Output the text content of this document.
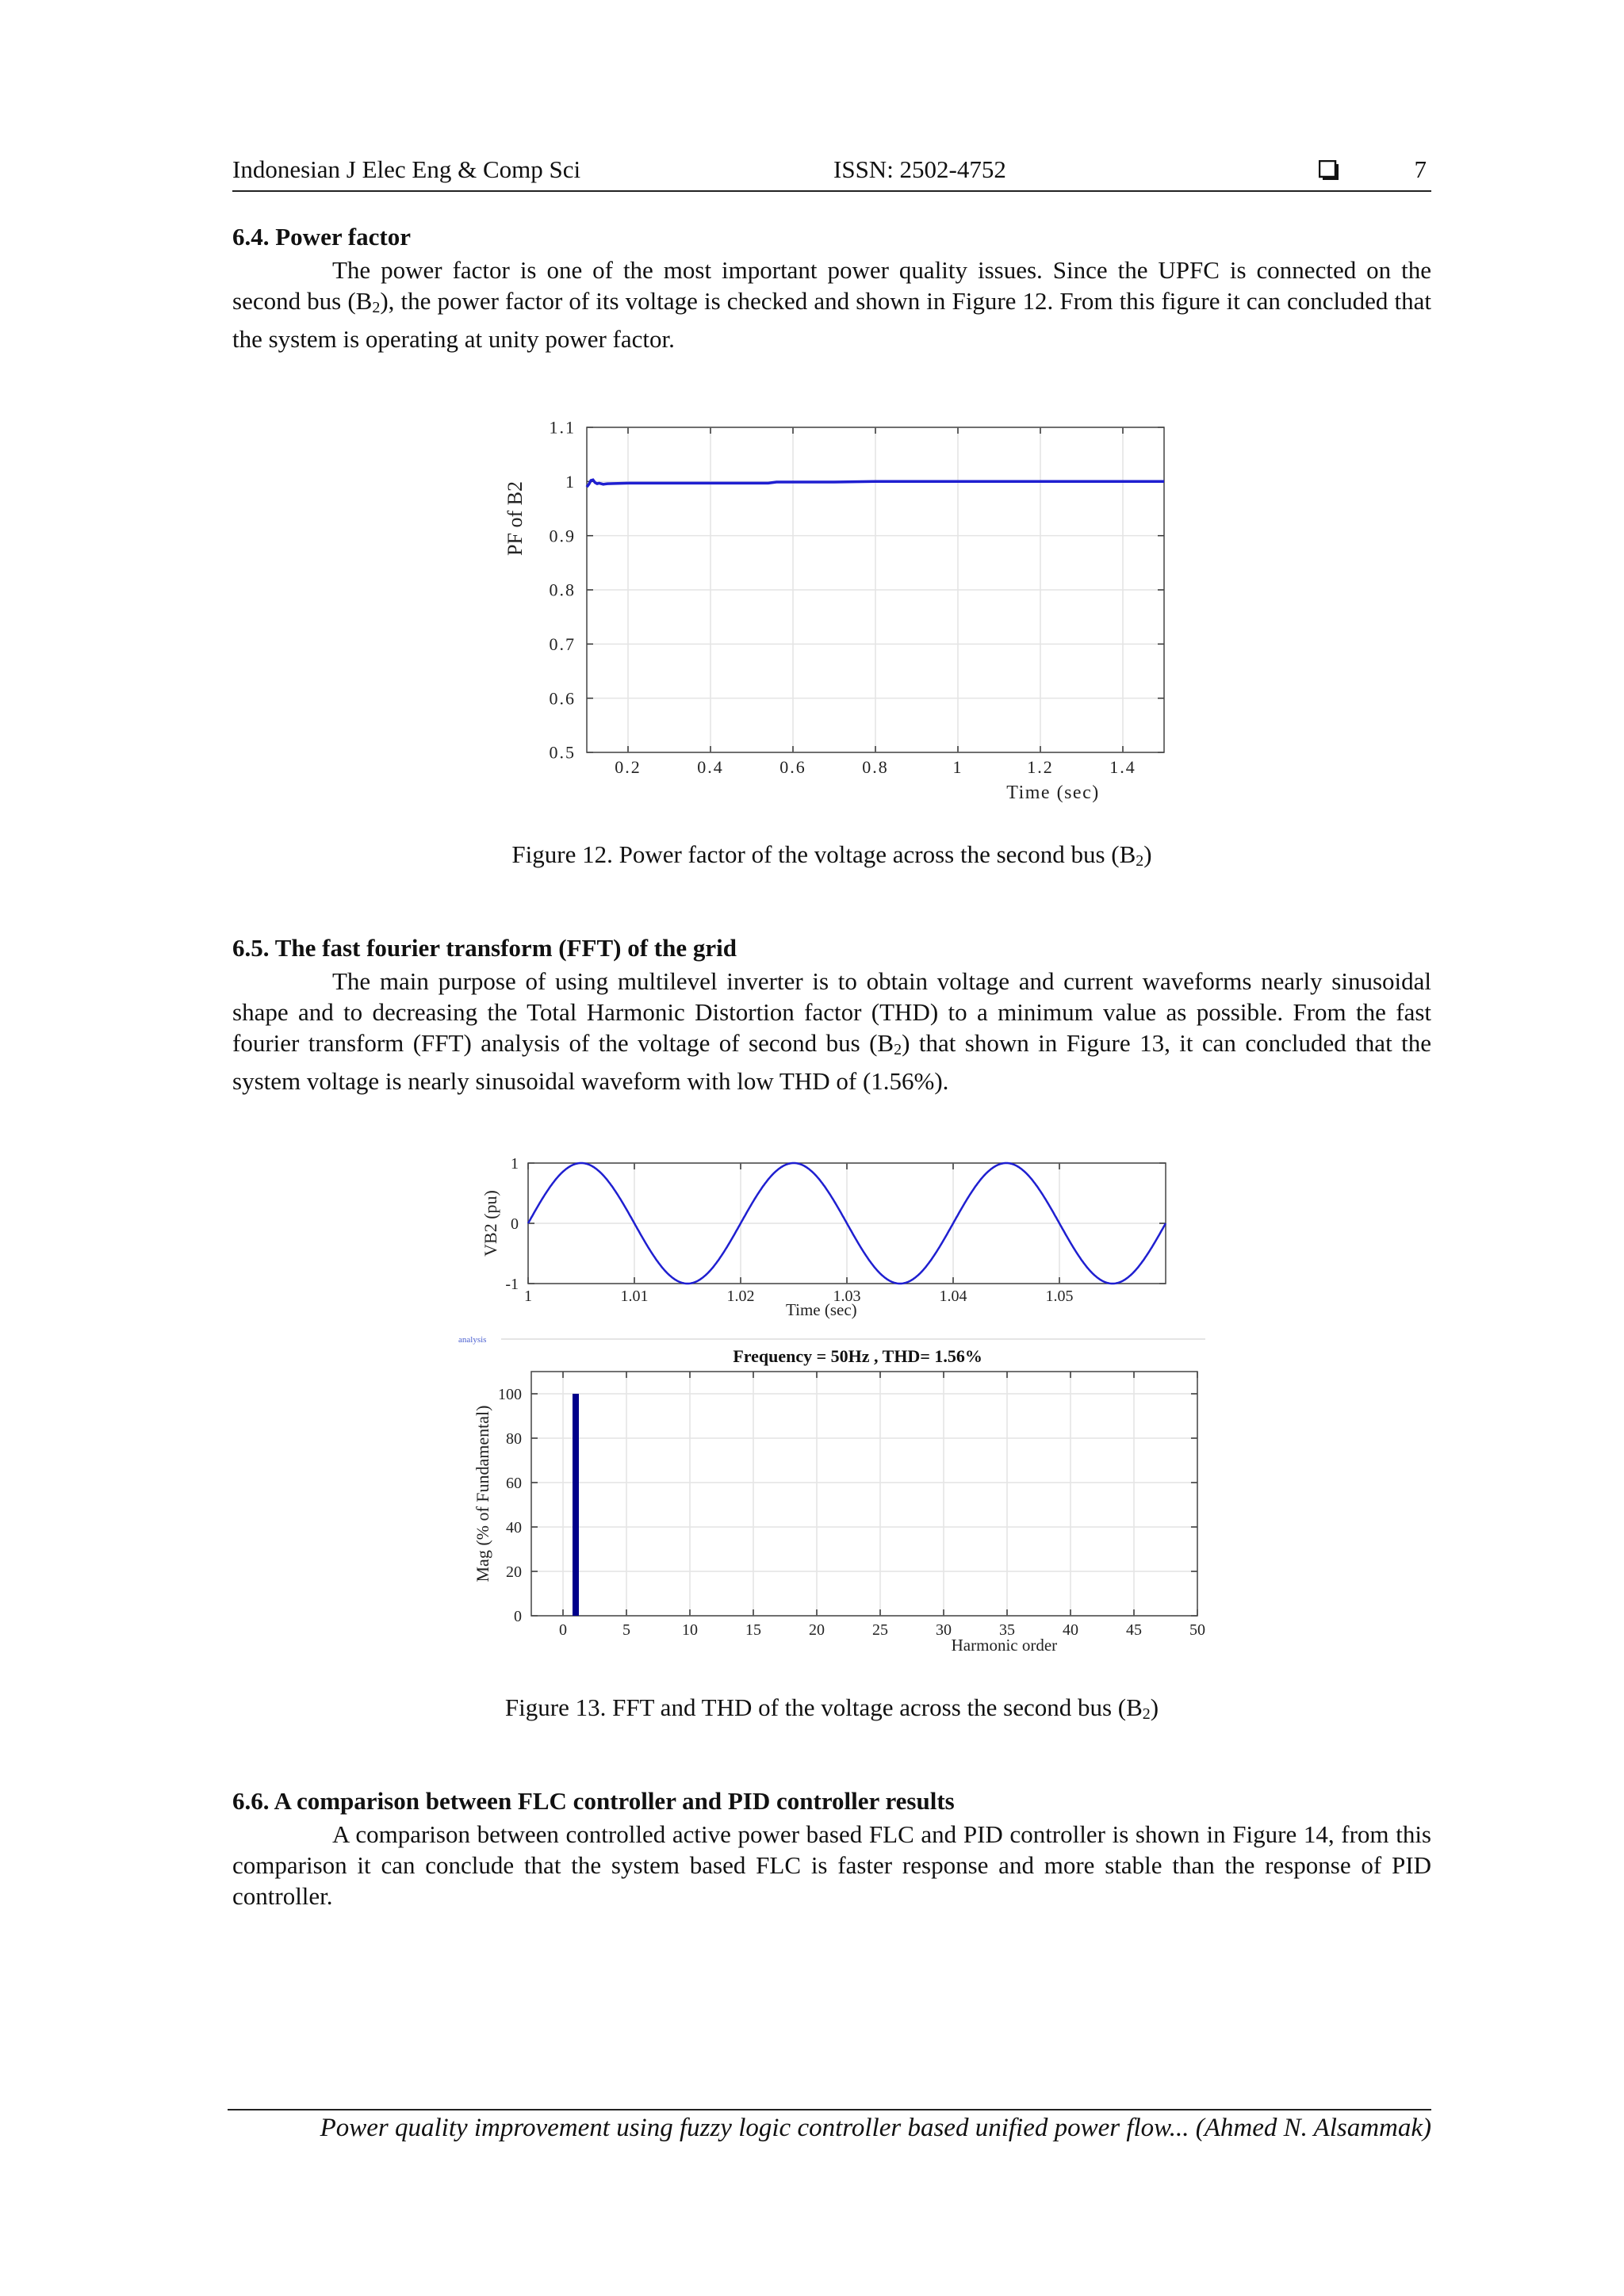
Indonesian J Elec Eng & Comp Sci	ISSN: 2502-4752	7
6.4. Power factor
The power factor is one of the most important power quality issues. Since the UPFC is connected on the second bus $(B_2)$, the power factor of its voltage is checked and shown in Figure 12. From this figure it can concluded that the system is operating at unity power factor.
0.2	0.4	0.6	0.8	1	1.2	1.4
0.5
0.6
0.7
0.8
0.9
1
1.1
Time (sec)
PF of B2
Figure 12. Power factor of the voltage across the second bus $(B_2)$
6.5. The fast fourier transform (FFT) of the grid
The main purpose of using multilevel inverter is to obtain voltage and current waveforms nearly sinusoidal shape and to decreasing the Total Harmonic Distortion factor (THD) to a minimum value as possible. From the fast fourier transform (FFT) analysis of the voltage of second bus $(B_2)$ that shown in Figure 13, it can concluded that the system voltage is nearly sinusoidal waveform with low THD of (1.56%).
1	1.01	1.02	1.03	1.04	1.05
-1
0
1
Time (sec)
VB2 (pu)
analysis
0	5	10	15	20	25	30	35	40	45	50
0
20
40
60
80
100
Frequency = 50Hz , THD= 1.56%
Harmonic order
Mag (% of Fundamental)
Figure 13. FFT and THD of the voltage across the second bus $(B_2)$
6.6. A comparison between FLC controller and PID controller results
A comparison between controlled active power based FLC and PID controller is shown in Figure 14, from this comparison it can conclude that the system based FLC is faster response and more stable than the response of PID controller.
Power quality improvement using fuzzy logic controller based unified power flow... (Ahmed N. Alsammak)
